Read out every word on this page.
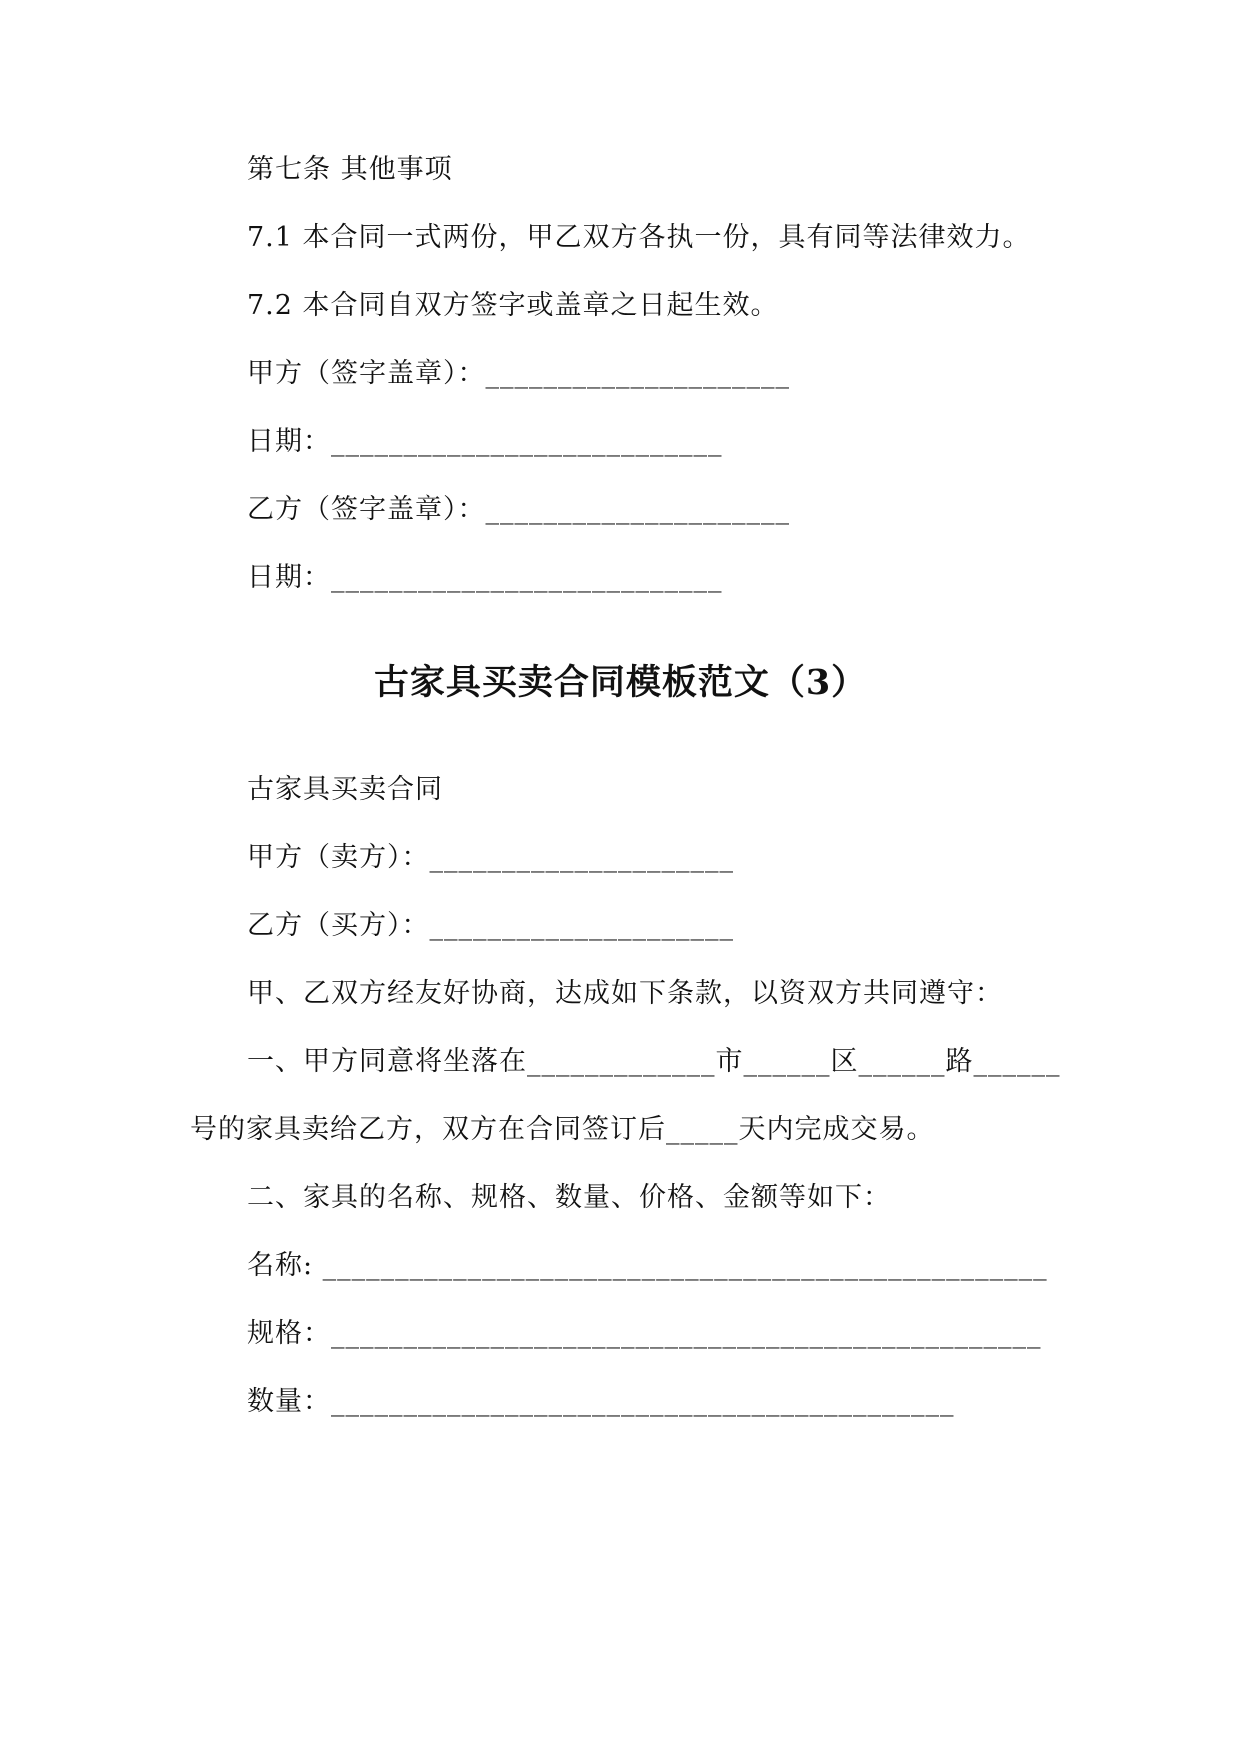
第七条 其他事项
7.1 本合同一式两份，甲乙双方各执一份，具有同等法律效力。
7.2 本合同自双方签字或盖章之日起生效。
甲方（签字盖章）：_____________________
日期：___________________________
乙方（签字盖章）：_____________________
日期：___________________________
古家具买卖合同模板范文（3）
古家具买卖合同
甲方（卖方）：_____________________
乙方（买方）：_____________________
甲、乙双方经友好协商，达成如下条款，以资双方共同遵守：
一、甲方同意将坐落在_____________市______区______路______
号的家具卖给乙方，双方在合同签订后_____天内完成交易。
二、家具的名称、规格、数量、价格、金额等如下：
名称: __________________________________________________
规格：_________________________________________________
数量：___________________________________________
